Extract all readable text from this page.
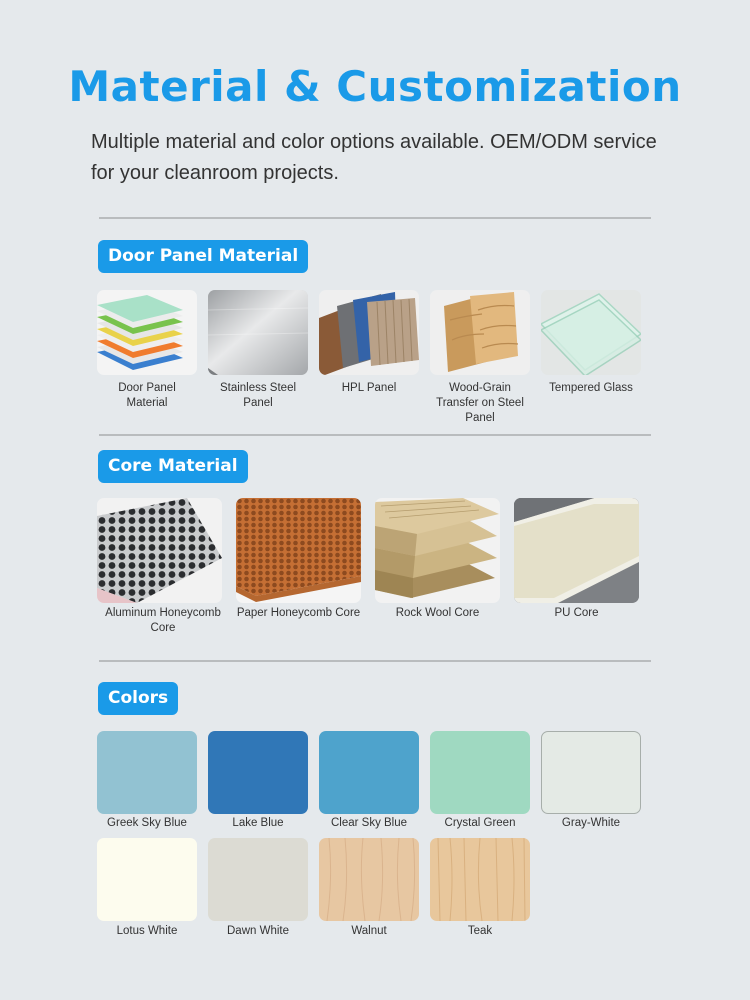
Material & Customization

Multiple material and color options available. OEM/ODM service for your cleanroom projects.

Door Panel Material
Door Panel Material
Stainless Steel Panel
HPL Panel	Wood-Grain Transfer on Steel Panel
Tempered Glass
Core Material
Aluminum Honeycomb Core
Paper Honeycomb Core	Rock Wool Core	PU Core
Colors
Greek Sky Blue	Lake Blue	Clear Sky Blue	Crystal Green	Gray-White
Lotus White	Dawn White	Walnut	Teak
